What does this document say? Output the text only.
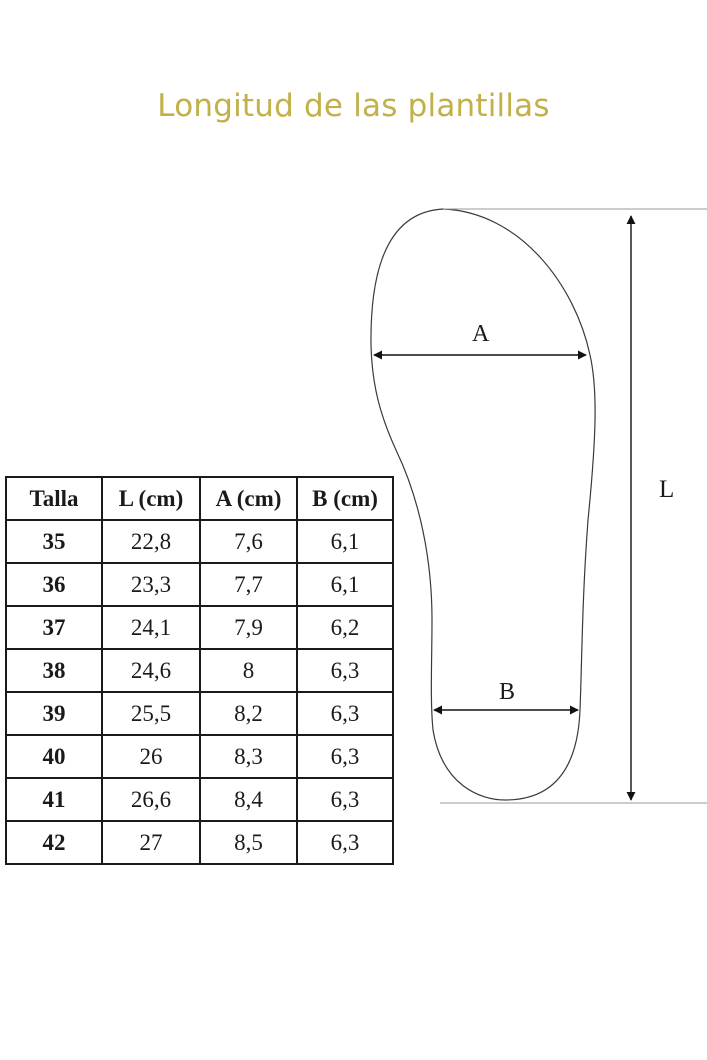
Longitud de las plantillas
Talla	L (cm)	A (cm)	B (cm)
35	22,8	7,6	6,1
36	23,3	7,7	6,1
37	24,1	7,9	6,2
38	24,6	8	6,3
39	25,5	8,2	6,3
40	26	8,3	6,3
41	26,6	8,4	6,3
42	27	8,5	6,3
L
A
B
